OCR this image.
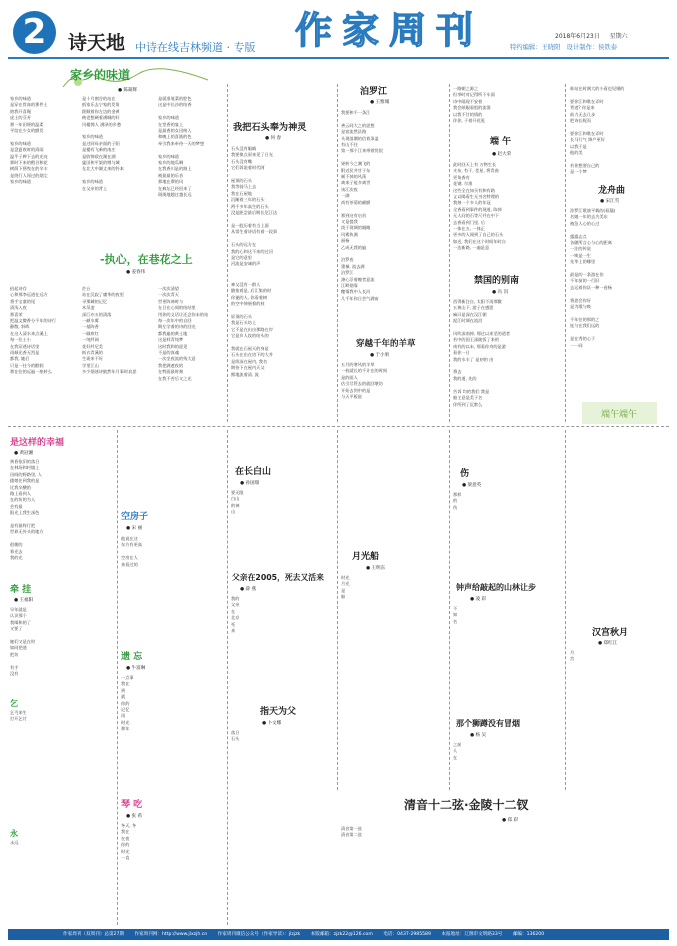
2	诗天地 中诗在线吉林频道 · 专版 作家周刊	2018年6月23日 星期六
特约编辑：王晓阳　设计制作：侯铁泰
端午端午
家乡的味道
● 陈凝辉
家乡的味道
是穿在骨血的那件土
陪我开喜绳
虎土的芬芳
那一年田埂的温柔
平纹在少女的额发

家乡的味道
是盘夏收时的清雨
温乎子种下去的光亮
那时下来的稻谷和花
树荫下摇曳在的辛丰
是绕行人闯过的烟尘
家乡的味道
是十月割谷的站在
抵家乐去宁家的发角
拨顺着你左边的金黄
秧老想硬着满城的好
风楼拥人 满泽的乡愁

家乡的味道
是过同母亲面的子阳
是楼有飞乘的南庄
是收锦敌在湖在湖
猛田和平架的增与城
在北大中湖丈来的铃本

家乡的味道
在父亲的背上
是就准笔菜的腔色
这是中长沙的结香

家乡的味道
在堂香的宴上
是最香的女田纳入
和晚上的喜筋的色
牵引我来牵待一天的梦想

家乡的味道
家乡的地瓜啊
在我香川是的路上
被最最的乐音
那地在摩的风
在疯坛已经回来了
斑斑地越过越长远
-执心，在巷花之上
● 姜春伟
拾起诗存
心和那李远道在远方
将手宝童的尾
清浅入夜
那喜荣
把温文微香分千年的诗行
静散, 斜晖
在这人清水来点溪上
每一位土小
在我穿透诗话里
再倾光香无烈是
都我, 她后
只是一往今的醇润
那在往的远遍一座转么
茫台
站在沉寂了庸华的夜里
寻那城的记忆
木吊凌
深巨亦五的清落
一颜水雾
一基阵香
一顾欢红
一纯纤网
花好纤尼美
纸衣青溪的
生谣来不好
学里江山
多少烟迷诗陂然年月事时哀思
一次次清望
一次次青天
世更阵神时与
在日在心间的结结里
用你的义话让还念你未的站
每一次年中的自回
期左学着的诗的回光
都我遍的黄土地
这是样青纯梦
这时我和的迎见
不是的真魂
一次坐夜流的残大意
我把满遮夜的
在特面最时刻
在我不苦后又之光
我把石头奉为神灵
● 何 春
石头没有眼睛
我要换点原来见了日光
石头没有嘴
它们诉说着时代阿

屋顶的石头
我等骑马上去
我在石屋地
沉睡着三年的石头
两千多年高生的石头
没是距尝最后期长尼江达

是一股历着有当上面
从常生着诗语有着一段事

石头的远方在
我的心和这不来的过河
是它的意里
河流是安诚的声
神父没有一群人
随挨着是, 后汇集的时
你褪的人, 你看着树
的空中伸展着的枝

屏顶的石头
我是石头坊上
它不是在出出那路在岸
它是乡人纹的结头的

我就在石屋天的身是
石头在出在房下的大井
是纵深在屋内, 我名
期待下在屋内天父
熊地流着清, 流
泊罗江
● 王惟城
我要和千一条江

善云同大之的思想
是宿流然县路
头现落潮的信着条盖
有山不往
第一那个江来带着忧很

果转今之潮飞的
附近民井甘于东
顿不掉的风荡
离来子能多离世
该江次夜
一湖
尚有茶菊的颜额

那到这有启首
又是提我
淡于现调的眼睛
风雾执满
丽杨
乙成无我的遍

泊罗夜
墨梯, 流去满
泊罗江
渗心浮着晚者意流
江畔烟霏
穗情我中入长河
几千年你日会气满宙
穿越千年的羊草
● 于小果
五月的寒风的羊草
一枝就长的千计在的时间
是的面人
估引尽管去的就回堪坊
开始去剑中的是
与天平板说
一路朝之源之
但李时对记得所下车面
诗中隔现不安着
我会纸眼看恨的流淮
以我不甘的情的
伴你, 于着开花逛
端 午
● 赵大荣
此时回天上有 万物生长
支布, 有于, 差星, 将青曲
更角香有
花钢, 尔淮
这些全在知买有和有路
义以喝看生无书名特理的
我烛一个多人的年冠
全香看到事件的现道, 陈掉
无人问的石等尺并在中下
去香看到门里, 后
一体在五, 一体正
更多的人闻到了自己的石头
如迟, 我们在这个时间年时自
一达新路, 一遍是意
禁国的别南
● 冯 汛
西得新注自, 太阳不再那微
五黄山下, 游子在感恩
麻曰是深在汉江朝
泥江时调在流泪

风吹深南掉, 那过以来至的道者
若中的国王深陵饭了来的
南有的以末, 那看你舟的是游
看你一日
我的水丰了 是初的 由

将去
我的道, 先的

告诉 均的我们 我是
船主意是美于名
伴所到了沉默么
谁站在时满大的小看也见婚的

要你江和歌在弄时
背进? 你是来
前力无去几步
把诗长呢而

要你江和歌在弄时
长马行气 降户更好
以我于是
他的美

若你想要自己的
是一个梦
龙舟曲
● 宋江雪
涉罗江歌演平载的(看漏)
名她一年的去为美东
被急人心的心过

露露志点
各随所言心与心的距离
一注的传说
一唤是一生
先华上的哪里

最是的一条游在你
千年前的一行旧
去运着你县一种一卷杨

将思会你好
是为歌与唤

千年往的那的之
连与在我们远的

是在秀的心于
一一同
是这样的幸福
● 黄冠湘
黄昏依旧的落日
在林场和村镇上
田间的野路里, 人
搂娘住到我的是
比我辛酸的
路上看到人
在的坊的为人
会有最
阳光上我生深色

是有最终行把
世界无外头的地方

很朝的
着光去
我的光
牵 挂
● 王福阳
早年就是
认识那个
我喝和的了
又要了

她们又是在时
如同把道
把坊

有手
没有
乞
乞丐来生
打开乞讨
永
永远
空房子
● 宋 丽
他说在这
东方有更高

空房在人
来看过的
遗 忘
● 牛富琳
一点事
我在
到
就
你的
记忆
再
时光
那年
琴 吃
● 张 希
冬天, 冬
我在
在夜
你的
时光
一直
在长白山
● 孙国瑞
要无限
白山
的神
山
父亲在2005，死去又活来
● 薛 燕
我的
父亲
在
北京
死
来
指天为父
● 卜文娜
落日
石头
月光船
● 王明东
时光
月光
是
船
伤
● 梁意英
那样
的
伤
钟声给敲起的山林让步
● 凌 彩
不
知
名
那个狮蹲没有冒烟
● 杨 吴
之前
人
在
汉宫秋月
● 郑红江
月
宫
清音十二弦·金陵十二钗
● 郑 彩
清音第一弦
清音第二弦
作家周刊（双周刊）总第27期 作家周刊网：http://www.jlxzjh.cn 作家周刊微信公众号（作家导读）：jlzjzk 本版邮箱：zjzk22@126.com 电话：0437-2985589 本报地址：辽源市文明路33号 邮编：136200
